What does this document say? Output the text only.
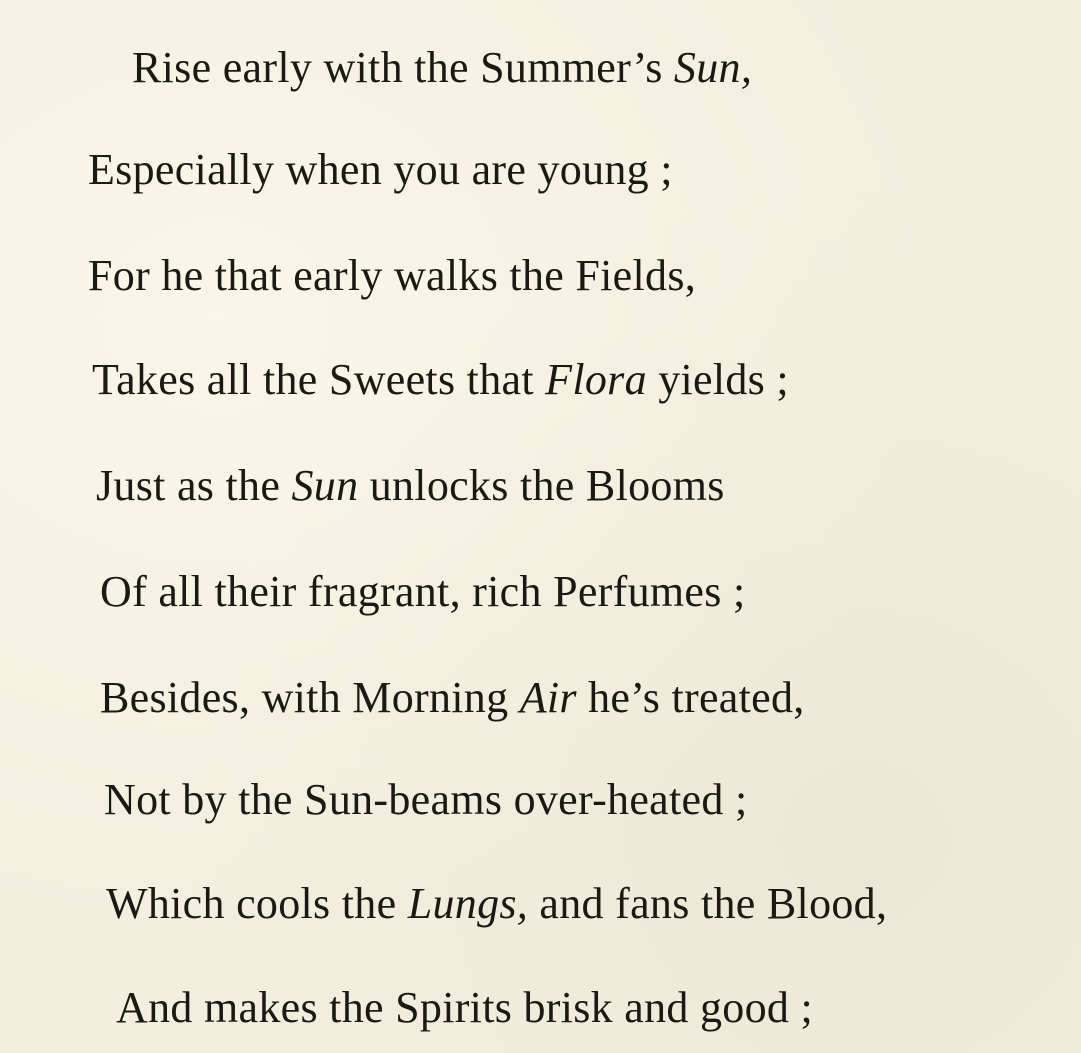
Rise early with the Summer’s Sun,
Especially when you are young ;
For he that early walks the Fields,
Takes all the Sweets that Flora yields ;
Just as the Sun unlocks the Blooms
Of all their fragrant, rich Perfumes ;
Besides, with Morning Air he’s treated,
Not by the Sun-beams over-heated ;
Which cools the Lungs, and fans the Blood,
And makes the Spirits brisk and good ;
